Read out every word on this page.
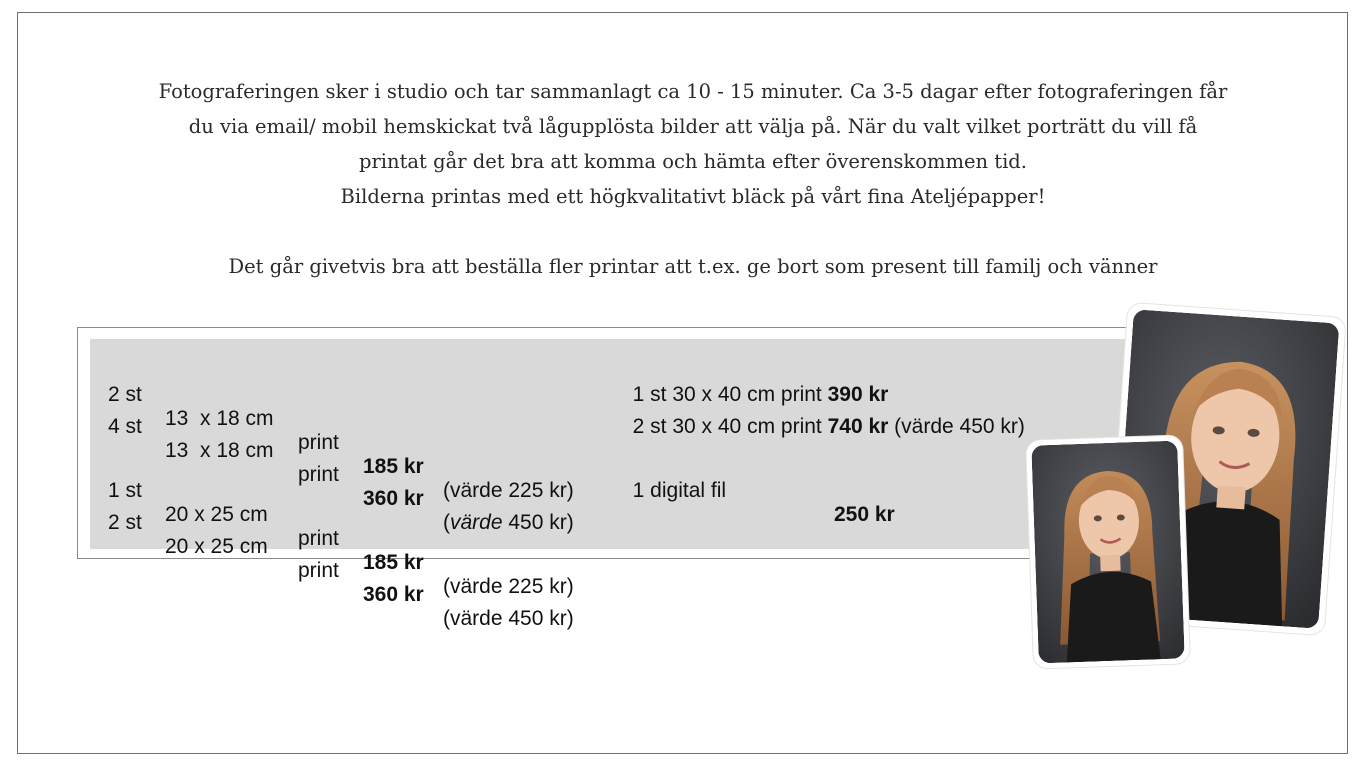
Fotograferingen sker i studio och tar sammanlagt ca 10 - 15 minuter. Ca 3-5 dagar efter fotograferingen får

du via email/ mobil hemskickat två lågupplösta bilder att välja på. När du valt vilket porträtt du vill få

printat går det bra att komma och hämta efter överenskommen tid.

Bilderna printas med ett högkvalitativt bläck på vårt fina Ateljépapper!

Det går givetvis bra att beställa fler printar att t.ex. ge bort som present till familj och vänner

2 st

13  x 18 cm

print

185 kr

(värde 225 kr)

4 st

13  x 18 cm

print

360 kr

(värde 450 kr)

1 st

20 x 25 cm

print

185 kr

(värde 225 kr)

2 st

20 x 25 cm

print

360 kr

(värde 450 kr)

1 st 30 x 40 cm print 390 kr

2 st 30 x 40 cm print 740 kr (värde 450 kr)

1 digital fil

250 kr
